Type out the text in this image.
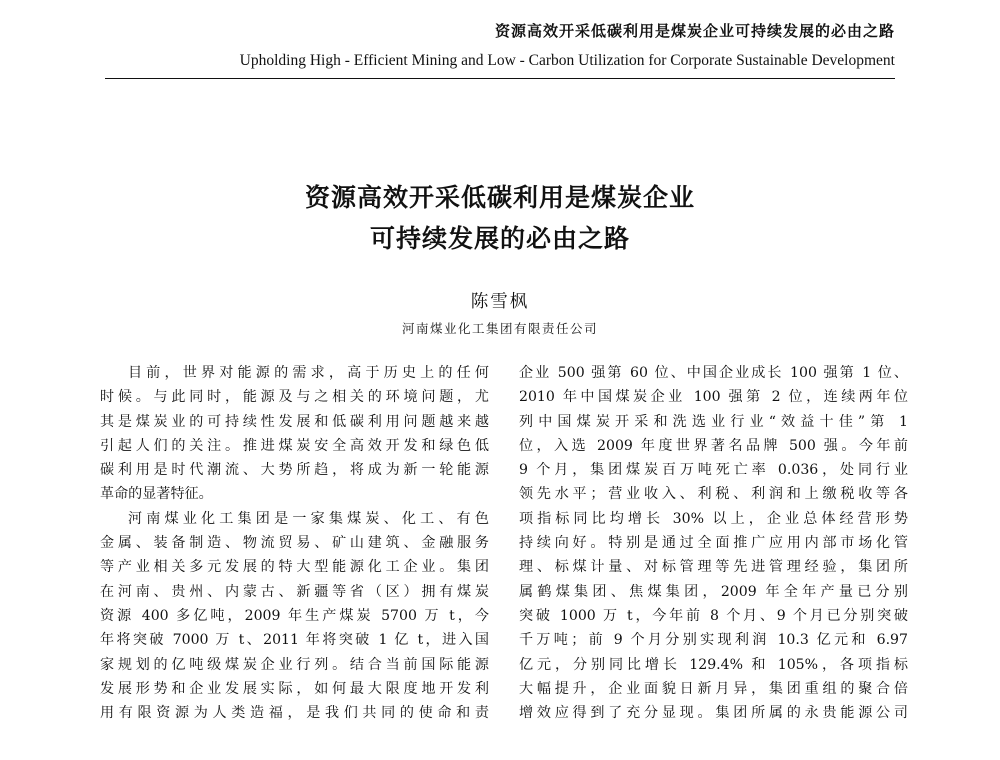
资源高效开采低碳利用是煤炭企业可持续发展的必由之路
Upholding High - Efficient Mining and Low - Carbon Utilization for Corporate Sustainable Development
资源高效开采低碳利用是煤炭企业
可持续发展的必由之路
陈雪枫
河南煤业化工集团有限责任公司
目前，世界对能源的需求，高于历史上的任何
时候。与此同时，能源及与之相关的环境问题，尤
其是煤炭业的可持续性发展和低碳利用问题越来越
引起人们的关注。推进煤炭安全高效开发和绿色低
碳利用是时代潮流、大势所趋，将成为新一轮能源
革命的显著特征。
河南煤业化工集团是一家集煤炭、化工、有色
金属、装备制造、物流贸易、矿山建筑、金融服务
等产业相关多元发展的特大型能源化工企业。集团
在河南、贵州、内蒙古、新疆等省（区）拥有煤炭
资源 400 多亿吨，2009 年生产煤炭 5700 万 t，今
年将突破 7000 万 t、2011 年将突破 1 亿 t，进入国
家规划的亿吨级煤炭企业行列。结合当前国际能源
发展形势和企业发展实际，如何最大限度地开发利
用有限资源为人类造福，是我们共同的使命和责
企业 500 强第 60 位、中国企业成长 100 强第 1 位、
2010 年中国煤炭企业 100 强第 2 位，连续两年位
列中国煤炭开采和洗选业行业“效益十佳”第 1
位，入选 2009 年度世界著名品牌 500 强。今年前
9 个月，集团煤炭百万吨死亡率 0.036，处同行业
领先水平；营业收入、利税、利润和上缴税收等各
项指标同比均增长 30% 以上，企业总体经营形势
持续向好。特别是通过全面推广应用内部市场化管
理、标煤计量、对标管理等先进管理经验，集团所
属鹤煤集团、焦煤集团，2009 年全年产量已分别
突破 1000 万 t，今年前 8 个月、9 个月已分别突破
千万吨；前 9 个月分别实现利润 10.3 亿元和 6.97
亿元，分别同比增长 129.4% 和 105%，各项指标
大幅提升，企业面貌日新月异，集团重组的聚合倍
增效应得到了充分显现。集团所属的永贵能源公司
